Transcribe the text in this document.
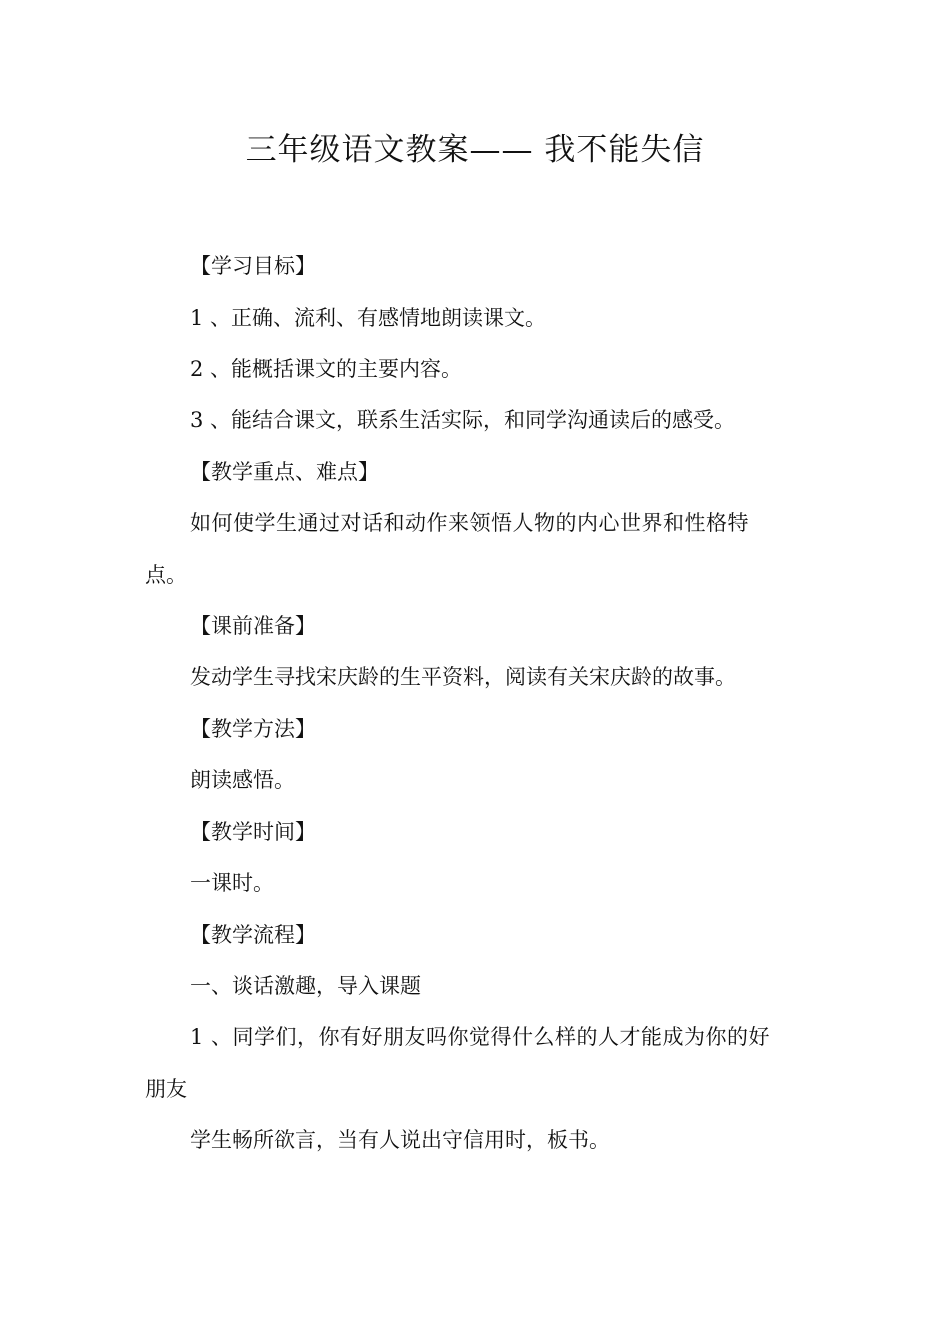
三年级语文教案—— 我不能失信
【学习目标】
1 、正确、流利、有感情地朗读课文。
2 、能概括课文的主要内容。
3 、能结合课文，联系生活实际，和同学沟通读后的感受。
【教学重点、难点】
如何使学生通过对话和动作来领悟人物的内心世界和性格特
点。
【课前准备】
发动学生寻找宋庆龄的生平资料，阅读有关宋庆龄的故事。
【教学方法】
朗读感悟。
【教学时间】
一课时。
【教学流程】
一、谈话激趣，导入课题
1 、同学们，你有好朋友吗你觉得什么样的人才能成为你的好
朋友
学生畅所欲言，当有人说出守信用时，板书。
